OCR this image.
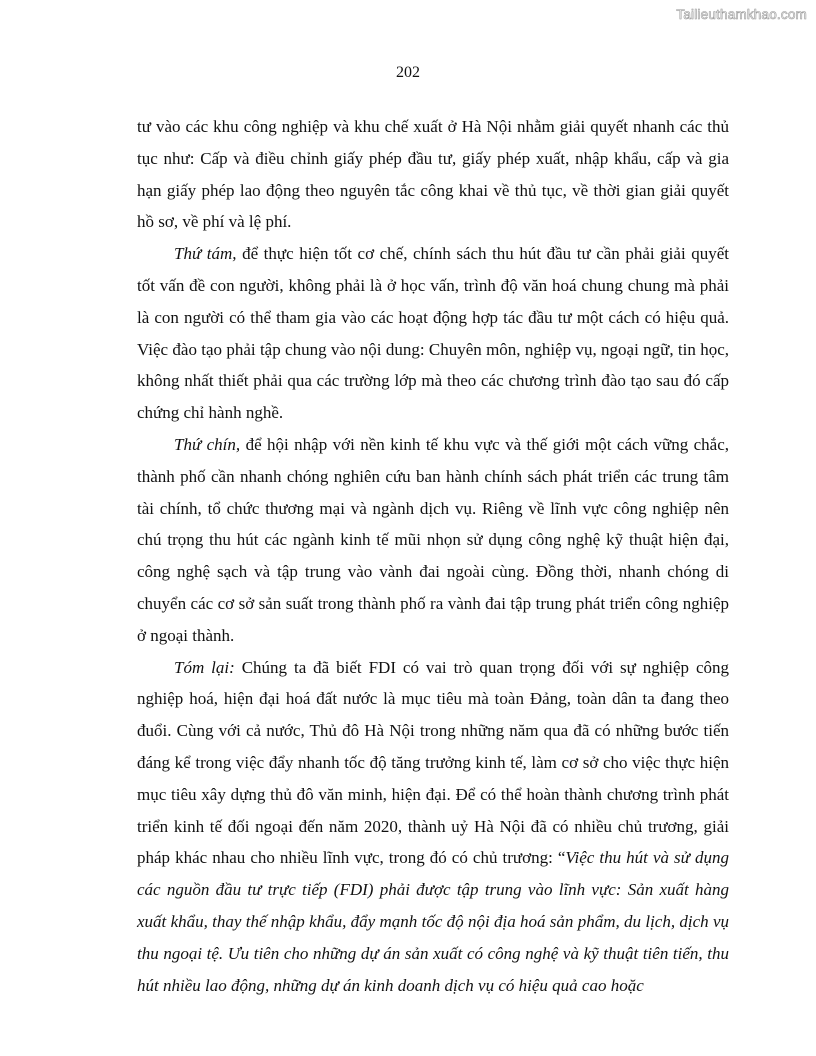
Tailieuthamkhao.com
202

tư vào các khu công nghiệp và khu chế xuất ở Hà Nội nhằm giải quyết nhanh các thủ tục như: Cấp và điều chỉnh giấy phép đầu tư, giấy phép xuất, nhập khẩu, cấp và gia hạn giấy phép lao động theo nguyên tắc công khai về thủ tục, về thời gian giải quyết hồ sơ, về phí và lệ phí.

Thứ tám, để thực hiện tốt cơ chế, chính sách thu hút đầu tư cần phải giải quyết tốt vấn đề con người, không phải là ở học vấn, trình độ văn hoá chung chung mà phải là con người có thể tham gia vào các hoạt động hợp tác đầu tư một cách có hiệu quả. Việc đào tạo phải tập chung vào nội dung: Chuyên môn, nghiệp vụ, ngoại ngữ, tin học, không nhất thiết phải qua các trường lớp mà theo các chương trình đào tạo sau đó cấp chứng chỉ hành nghề.

Thứ chín, để hội nhập với nền kinh tế khu vực và thế giới một cách vững chắc, thành phố cần nhanh chóng nghiên cứu ban hành chính sách phát triển các trung tâm tài chính, tổ chức thương mại và ngành dịch vụ. Riêng về lĩnh vực công nghiệp nên chú trọng thu hút các ngành kinh tế mũi nhọn sử dụng công nghệ kỹ thuật hiện đại, công nghệ sạch và tập trung vào vành đai ngoài cùng. Đồng thời, nhanh chóng di chuyển các cơ sở sản suất trong thành phố ra vành đai tập trung phát triển công nghiệp ở ngoại thành.

Tóm lại: Chúng ta đã biết FDI có vai trò quan trọng đối với sự nghiệp công nghiệp hoá, hiện đại hoá đất nước là mục tiêu mà toàn Đảng, toàn dân ta đang theo đuổi. Cùng với cả nước, Thủ đô Hà Nội trong những năm qua đã có những bước tiến đáng kể trong việc đẩy nhanh tốc độ tăng trưởng kinh tế, làm cơ sở cho việc thực hiện mục tiêu xây dựng thủ đô văn minh, hiện đại. Để có thể hoàn thành chương trình phát triển kinh tế đối ngoại đến năm 2020, thành uỷ Hà Nội đã có nhiều chủ trương, giải pháp khác nhau cho nhiều lĩnh vực, trong đó có chủ trương: “Việc thu hút và sử dụng các nguồn đầu tư trực tiếp (FDI) phải được tập trung vào lĩnh vực: Sản xuất hàng xuất khẩu, thay thế nhập khẩu, đẩy mạnh tốc độ nội địa hoá sản phẩm, du lịch, dịch vụ thu ngoại tệ. Ưu tiên cho những dự án sản xuất có công nghệ và kỹ thuật tiên tiến, thu hút nhiều lao động, những dự án kinh doanh dịch vụ có hiệu quả cao hoặc
